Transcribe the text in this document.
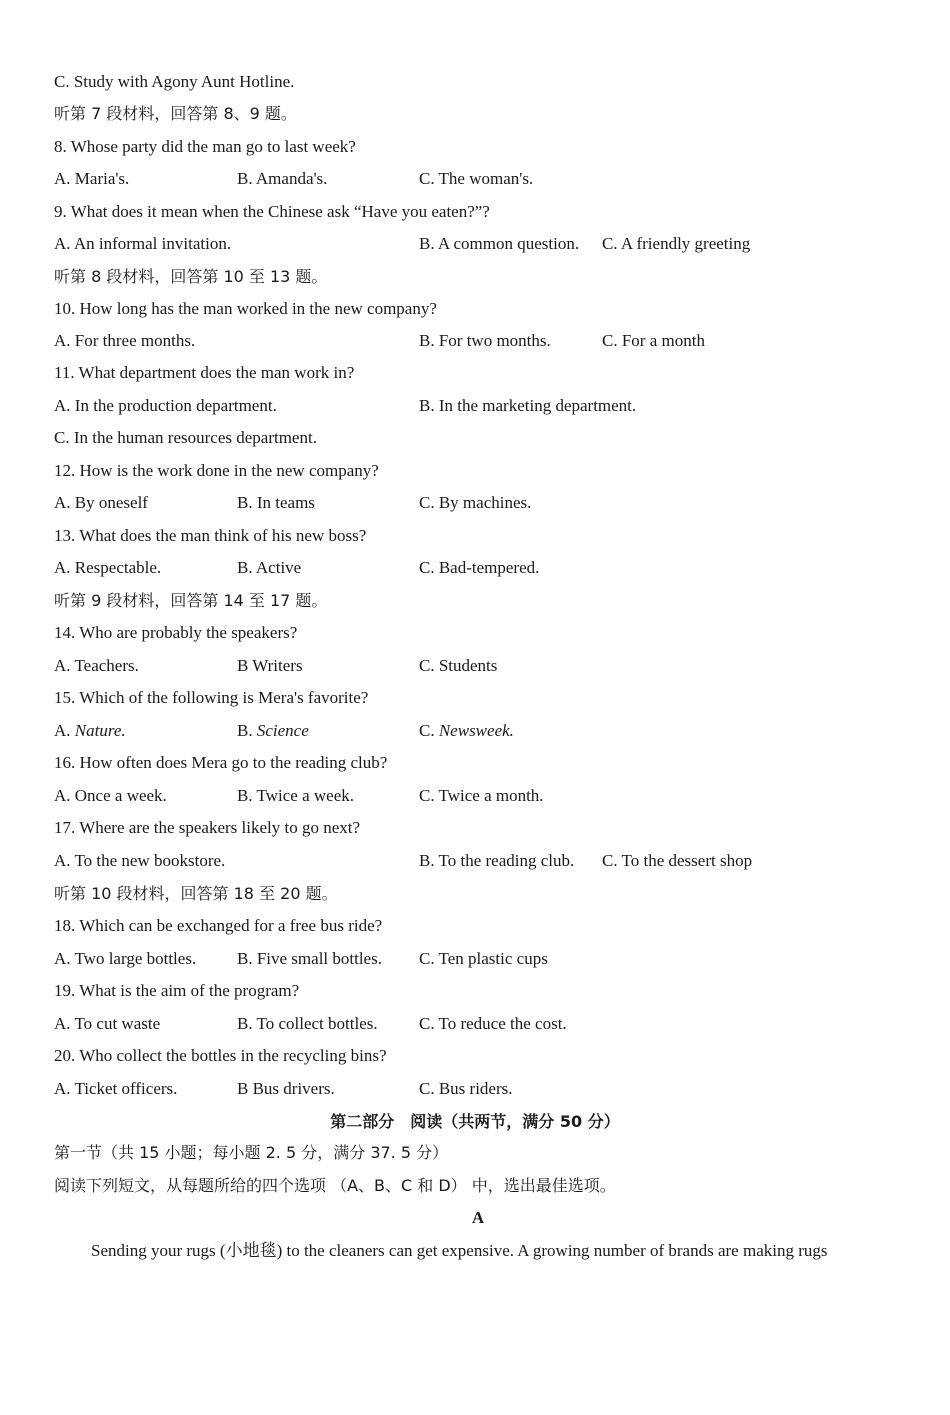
C. Study with Agony Aunt Hotline.
听第 7 段材料，回答第 8、9 题。
8. Whose party did the man go to last week?
A. Maria's.	B. Amanda's.	C. The woman's.
9. What does it mean when the Chinese ask “Have you eaten?”?
A. An informal invitation.	B. A common question. C. A friendly greeting
听第 8 段材料，回答第 10 至 13 题。
10. How long has the man worked in the new company?
A. For three months.	B. For two months.	C. For a month
11. What department does the man work in?
A. In the production department.	B. In the marketing department.
C. In the human resources department.
12. How is the work done in the new company?
A. By oneself	B. In teams	C. By machines.
13. What does the man think of his new boss?
A. Respectable.	B. Active	C. Bad-tempered.
听第 9 段材料，回答第 14 至 17 题。
14. Who are probably the speakers?
A. Teachers.	B Writers	C. Students
15. Which of the following is Mera's favorite?
A. Nature.	B. Science	C. Newsweek.
16. How often does Mera go to the reading club?
A. Once a week.	B. Twice a week.	C. Twice a month.
17. Where are the speakers likely to go next?
A. To the new bookstore.	B. To the reading club. C. To the dessert shop
听第 10 段材料，回答第 18 至 20 题。
18. Which can be exchanged for a free bus ride?
A. Two large bottles. B. Five small bottles. C. Ten plastic cups
19. What is the aim of the program?
A. To cut waste	B. To collect bottles. C. To reduce the cost.
20. Who collect the bottles in the recycling bins?
A. Ticket officers.	B Bus drivers.	C. Bus riders.
第二部分　阅读（共两节，满分 50 分）
第一节（共 15 小题；每小题 2. 5 分，满分 37. 5 分）
阅读下列短文，从每题所给的四个选项 （A、B、C 和 D） 中，选出最佳选项。
A
Sending your rugs (小地毯) to the cleaners can get expensive. A growing number of brands are making rugs
